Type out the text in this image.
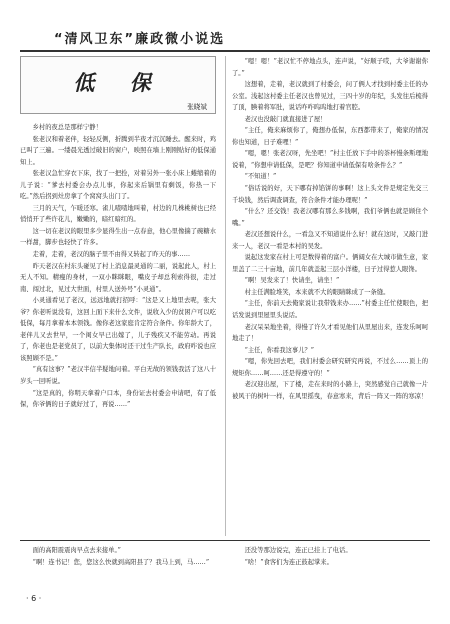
“清风卫东”廉政微小说选
低 保
张晓斌

乡村的夜总是那样宁静！

张老汉和着老伴，轻轻反侧，折腾到半夜才沉沉睡去。醒来时，鸡已叫了三遍。一缕晨光透过破旧的窗户，映照在墙上刚刚贴好的低保通知上。

张老汉急忙穿衣下床，找了一把拴，对着另外一张小床上蜷缩着的儿子说：“爹去村委会办点儿事，你起来后锅里有剩饭，你热一下吃。”然后拐到灶房拿了个窝窝头出门了。

三月的天气，乍暖还寒。雀儿喳喳地叫着，村边的几株桃树也已经悄悄开了些许花儿，嫩嫩的，暗红暗红的。

这一切在老汉的眼里多少显得生出一点春意，他心里像揣了碗糖水一样甜，脚步也轻快了许多。

走着，走着，老汉的脑子里不由得又转起了昨天的事……

昨天老汉在村东头碰见了村上消息最灵通的二丽，说起此人，村上无人不知。精瘦的身材，一双小眯眯眼，嘴皮子却总利索得很，走过南、闯过北，见过大世面，村里人送外号“小灵通”。

小灵通看见了老汉，远远地就打招呼：“这是又上地里去呢，张大爷？你老听说没有，这回上面下来什么文件，说收入少的贫困户可以吃低保，每月拿着本本领钱。像你老这家庭肯定符合条件。你年龄大了，老伴儿又去世早，一个闺女早已出嫁了，儿子残疾又不能劳动。再说了，你老也是老党员了，以前大集体时还干过生产队长，政府咋说也应该照顾不是。”

“真有这事？”老汉半信半疑地问着。平白无故的领钱我活了这八十岁头一回听说。

“这是真的，你明天拿着户口本，身份证去村委会申请吧，有了低保，你爷俩的日子就好过了，再说……”

“嗯！嗯！”老汉忙不停地点头，连声说，“好顺子哎，大爷谢谢你了。”

这想着，走着，老汉就到了村委会，问了俩人才找到村委主任的办公室。浅起这村委主任老汉也曾见过，三四十岁的年纪，头发往后梳得了顶，腆着将军肚，说话咋咋呜呜地打着官腔。

老汉也没敲门就直接进了屋！

“主任，俺来麻烦你了，俺想办低保，东西都带来了，俺家的情况你也知道，日子难哩！”

“嗯，嗯！张老汉呀，先坐吧！”村主任放下手中的茶杯慢条斯理地说着，“你想申请低保，是吧？你知道申请低保有啥条件么？”

“不知道！”

“俗话说的好，天下哪有掉馅饼的事啊！这上头文件是规定先交三千块钱，然后调查调查，符合条件才能办理呢！”

“什么？还交钱！我老汉哪有那么多钱啊，我们爷俩也就是顾住个嘴。”

老汉还想说什么，一看急又不知道说什么好！就在这时，又敲门进来一人，老汉一看是本村的吴发。

说起这发家在村上可是数得着的富户。俩阔女在大城市做生意，家里盖了二三十亩地，前几年就盖起三层小洋楼，日子过得惹人眼馋。

“啊！吴发来了！快请坐，请坐！”

村主任满脸堆笑，本来就不大的眼睛眯成了一条缝。

“主任，你前天去俺家说让我带钱来办……”村委主任忙使眼色，把话发说到里屋里头说话。

老汉呆呆地坐着，得慢了许久才看见他们从里屋出来，连发乐呵呵地走了！

“主任，你看我这事儿？”

“嗯，你先回去吧，我们村委会研究研究再说，不过么……顶上的规矩你……呵……还是得遵守的！”

老汉迎出屋，下了楼，走在来时的小路上，突然感觉自己就像一片被风干的树叶一样，在风里摇曳，春意寒来，背后一阵又一阵的寒凉！

面的高阳震震肉早点去来接单。”

“啊！连书记！您，您这么快就到高阳县了？我马上到，马……”

还没等那边说完，连正已挂上了电话。

“啥！”食客们为连正鼓起掌来。

· 6 ·
